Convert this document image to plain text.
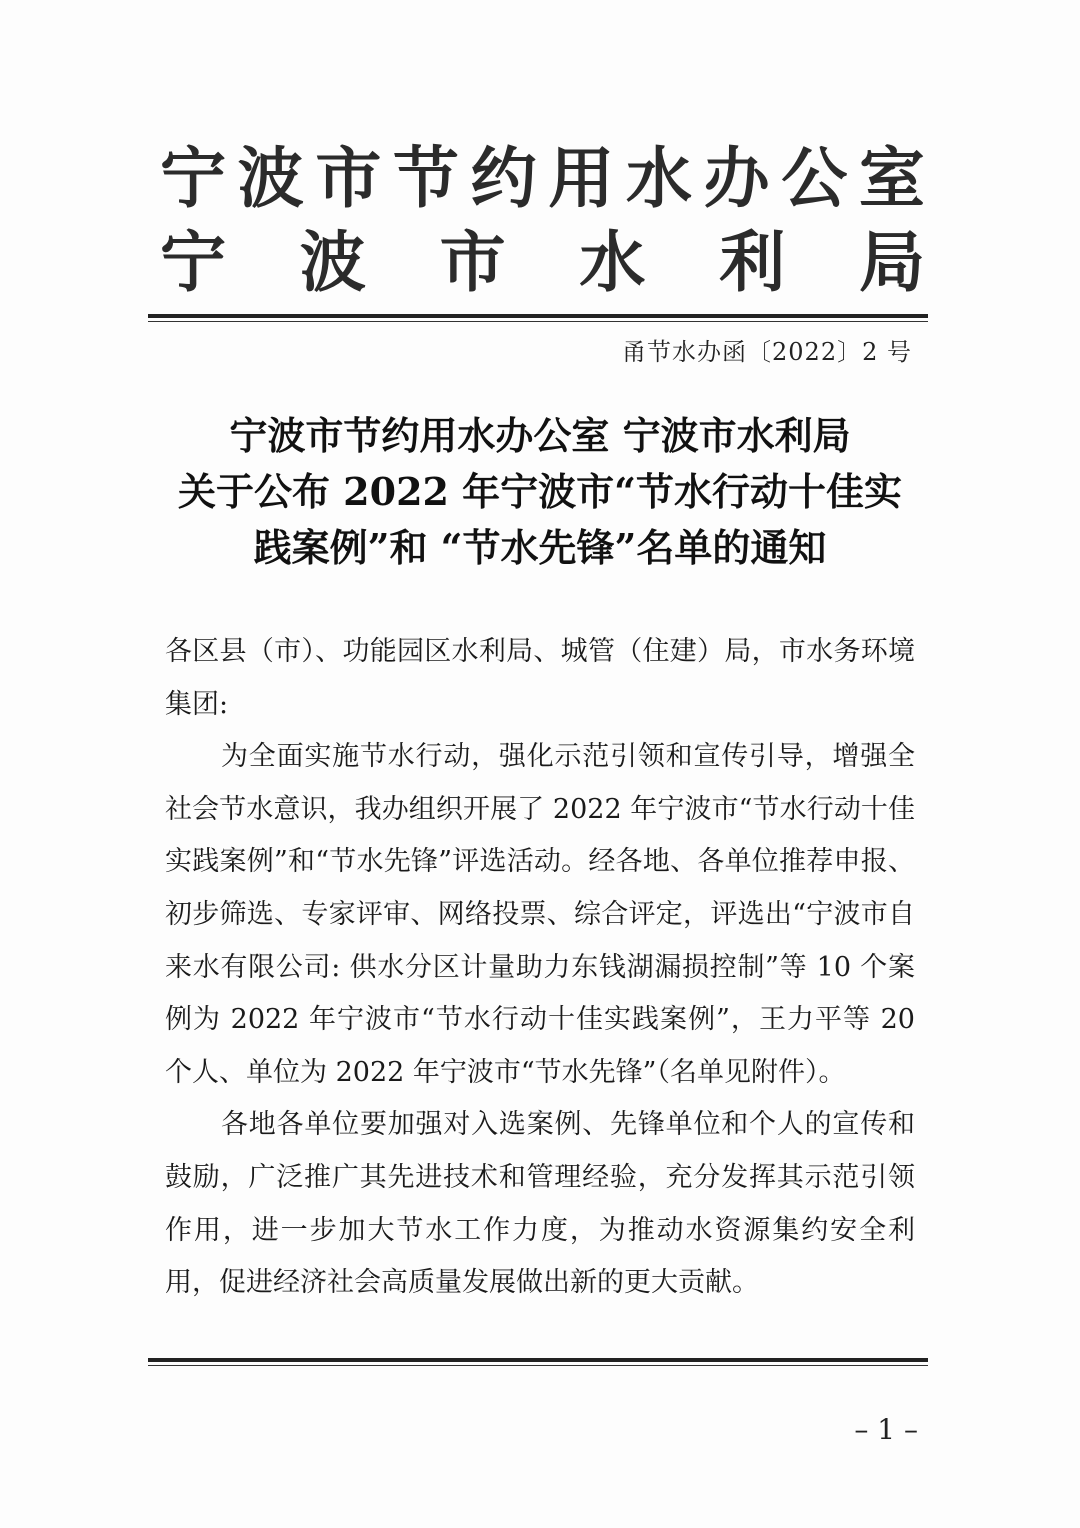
宁 波 市 节 约 用 水 办 公 室
宁 波 市 水 利 局
甬节水办函〔2022〕2 号
宁波市节约用水办公室 宁波市水利局
关于公布 2022 年宁波市“节水行动十佳实
践案例”和 “节水先锋”名单的通知

各区县（市）、功能园区水利局、城管（住建）局，市水务环境集团:

为全面实施节水行动，强化示范引领和宣传引导，增强全社会节水意识，我办组织开展了 2022 年宁波市“节水行动十佳实践案例”和“节水先锋”评选活动。经各地、各单位推荐申报、初步筛选、专家评审、网络投票、综合评定，评选出“宁波市自来水有限公司: 供水分区计量助力东钱湖漏损控制”等 10 个案例为 2022 年宁波市“节水行动十佳实践案例”，王力平等 20 个人、单位为 2022 年宁波市“节水先锋”（名单见附件）。

各地各单位要加强对入选案例、先锋单位和个人的宣传和鼓励，广泛推广其先进技术和管理经验，充分发挥其示范引领作用，进一步加大节水工作力度，为推动水资源集约安全利用，促进经济社会高质量发展做出新的更大贡献。

– 1 –
